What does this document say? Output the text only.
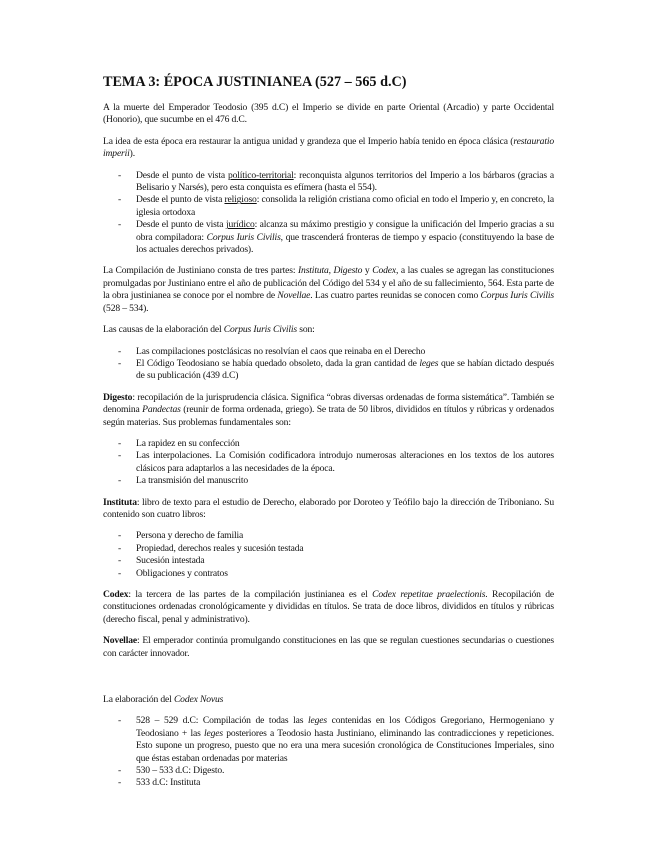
TEMA 3: ÉPOCA JUSTINIANEA (527 – 565 d.C)

A la muerte del Emperador Teodosio (395 d.C) el Imperio se divide en parte Oriental (Arcadio) y parte Occidental (Honorio), que sucumbe en el 476 d.C.

La idea de esta época era restaurar la antigua unidad y grandeza que el Imperio había tenido en época clásica (restauratio imperii).

- Desde el punto de vista político-territorial: reconquista algunos territorios del Imperio a los bárbaros (gracias a Belisario y Narsés), pero esta conquista es efímera (hasta el 554).
- Desde el punto de vista religioso: consolida la religión cristiana como oficial en todo el Imperio y, en concreto, la iglesia ortodoxa
- Desde el punto de vista jurídico: alcanza su máximo prestigio y consigue la unificación del Imperio gracias a su obra compiladora: Corpus Iuris Civilis, que trascenderá fronteras de tiempo y espacio (constituyendo la base de los actuales derechos privados).

La Compilación de Justiniano consta de tres partes: Instituta, Digesto y Codex, a las cuales se agregan las constituciones promulgadas por Justiniano entre el año de publicación del Código del 534 y el año de su fallecimiento, 564. Esta parte de la obra justinianea se conoce por el nombre de Novellae. Las cuatro partes reunidas se conocen como Corpus Iuris Civilis (528 – 534).

Las causas de la elaboración del Corpus Iuris Civilis son:

- Las compilaciones postclásicas no resolvían el caos que reinaba en el Derecho
- El Código Teodosiano se había quedado obsoleto, dada la gran cantidad de leges que se habían dictado después de su publicación (439 d.C)

Digesto: recopilación de la jurisprudencia clásica. Significa “obras diversas ordenadas de forma sistemática”. También se denomina Pandectas (reunir de forma ordenada, griego). Se trata de 50 libros, divididos en títulos y rúbricas y ordenados según materias. Sus problemas fundamentales son:

- La rapidez en su confección
- Las interpolaciones. La Comisión codificadora introdujo numerosas alteraciones en los textos de los autores clásicos para adaptarlos a las necesidades de la época.
- La transmisión del manuscrito

Instituta: libro de texto para el estudio de Derecho, elaborado por Doroteo y Teófilo bajo la dirección de Triboniano. Su contenido son cuatro libros:

- Persona y derecho de familia
- Propiedad, derechos reales y sucesión testada
- Sucesión intestada
- Obligaciones y contratos

Codex: la tercera de las partes de la compilación justinianea es el Codex repetitae praelectionis. Recopilación de constituciones ordenadas cronológicamente y divididas en títulos. Se trata de doce libros, divididos en títulos y rúbricas (derecho fiscal, penal y administrativo).

Novellae: El emperador continúa promulgando constituciones en las que se regulan cuestiones secundarias o cuestiones con carácter innovador.

La elaboración del Codex Novus

- 528 – 529 d.C: Compilación de todas las leges contenidas en los Códigos Gregoriano, Hermogeniano y Teodosiano + las leges posteriores a Teodosio hasta Justiniano, eliminando las contradicciones y repeticiones. Esto supone un progreso, puesto que no era una mera sucesión cronológica de Constituciones Imperiales, sino que éstas estaban ordenadas por materias
- 530 – 533 d.C: Digesto.
- 533 d.C: Instituta
